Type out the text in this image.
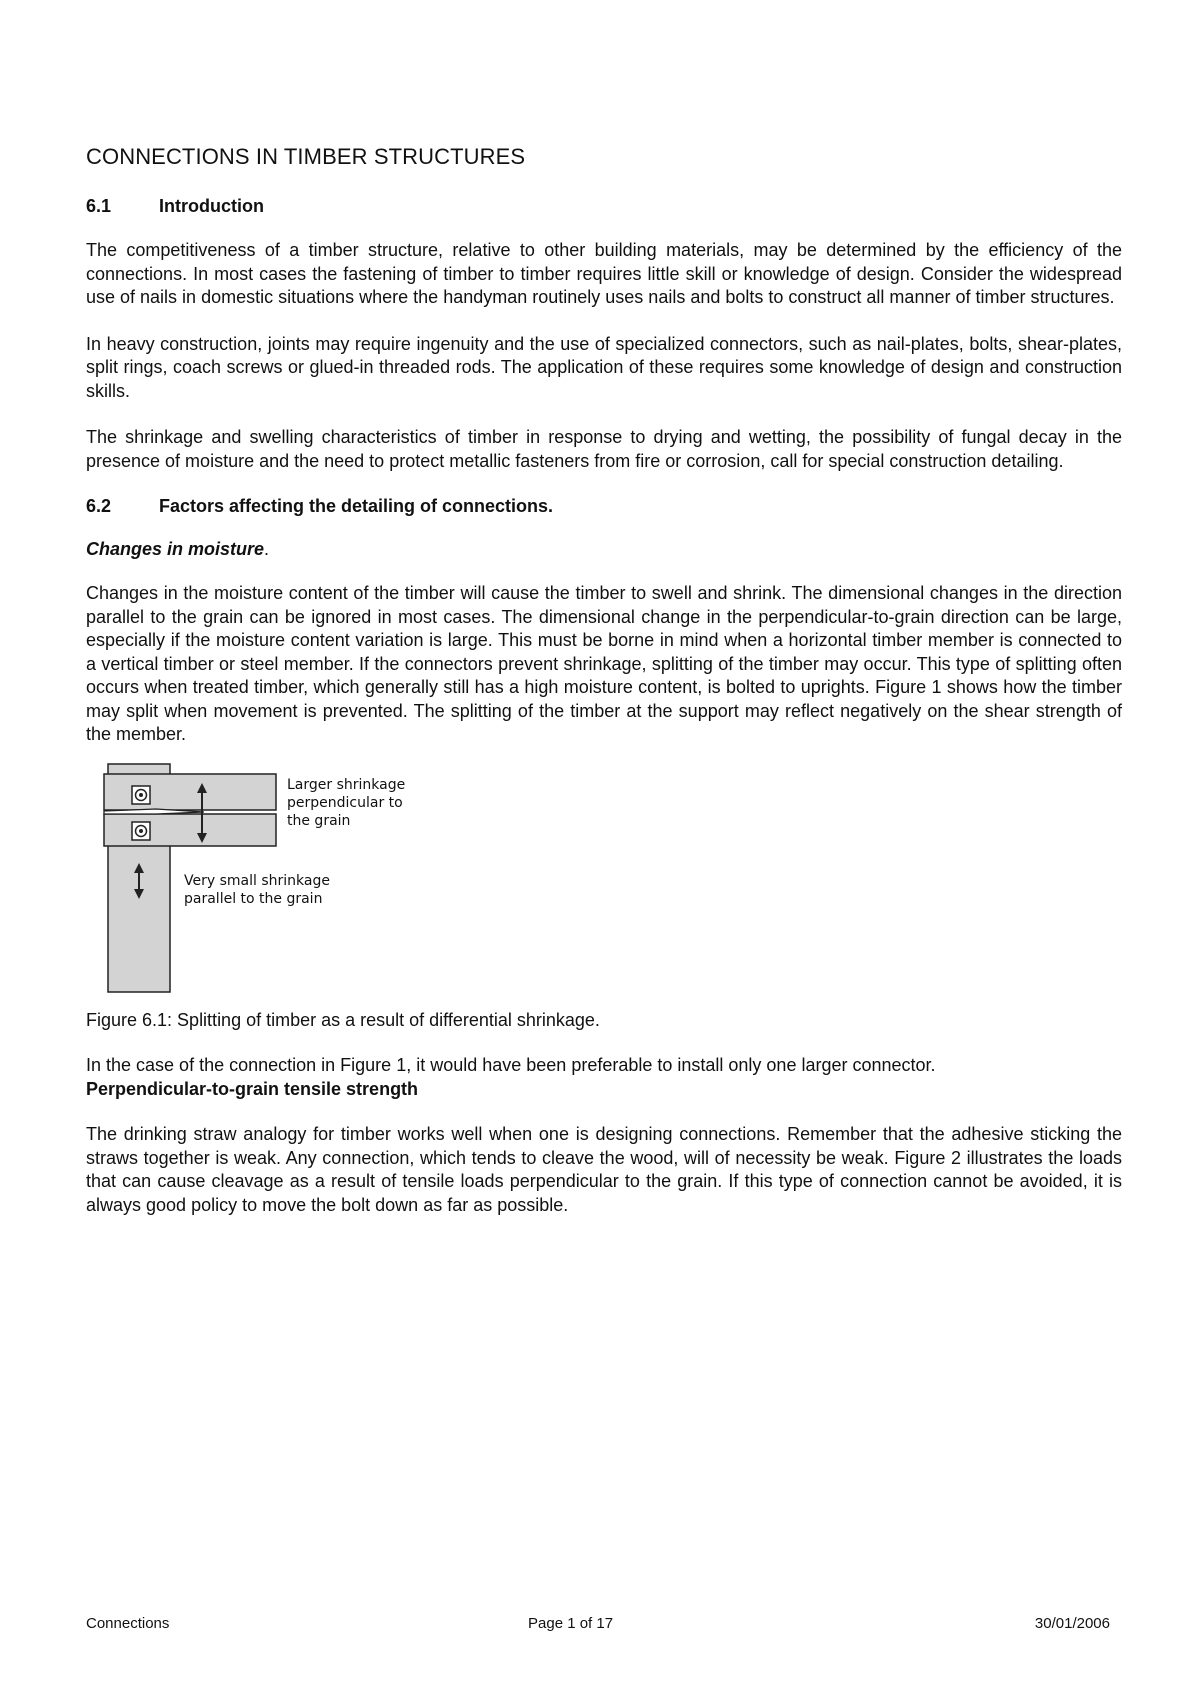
CONNECTIONS IN TIMBER STRUCTURES
6.1	Introduction

The competitiveness of a timber structure, relative to other building materials, may be determined by the efficiency of the connections. In most cases the fastening of timber to timber requires little skill or knowledge of design. Consider the widespread use of nails in domestic situations where the handyman routinely uses nails and bolts to construct all manner of timber structures.

In heavy construction, joints may require ingenuity and the use of specialized connectors, such as nail-plates, bolts, shear-plates, split rings, coach screws or glued-in threaded rods. The application of these requires some knowledge of design and construction skills.

The shrinkage and swelling characteristics of timber in response to drying and wetting, the possibility of fungal decay in the presence of moisture and the need to protect metallic fasteners from fire or corrosion, call for special construction detailing.

6.2	Factors affecting the detailing of connections.
Changes in moisture.

Changes in the moisture content of the timber will cause the timber to swell and shrink. The dimensional changes in the direction parallel to the grain can be ignored in most cases. The dimensional change in the perpendicular-to-grain direction can be large, especially if the moisture content variation is large. This must be borne in mind when a horizontal timber member is connected to a vertical timber or steel member. If the connectors prevent shrinkage, splitting of the timber may occur. This type of splitting often occurs when treated timber, which generally still has a high moisture content, is bolted to uprights. Figure 1 shows how the timber may split when movement is prevented. The splitting of the timber at the support may reflect negatively on the shear strength of the member.

Larger shrinkage
perpendicular to
the grain
Very small shrinkage
parallel to the grain
Figure 6.1: Splitting of timber as a result of differential shrinkage.

In the case of the connection in Figure 1, it would have been preferable to install only one larger connector.

Perpendicular-to-grain tensile strength

The drinking straw analogy for timber works well when one is designing connections. Remember that the adhesive sticking the straws together is weak. Any connection, which tends to cleave the wood, will of necessity be weak. Figure 2 illustrates the loads that can cause cleavage as a result of tensile loads perpendicular to the grain. If this type of connection cannot be avoided, it is always good policy to move the bolt down as far as possible.

Connections	Page 1 of 17	30/01/2006
